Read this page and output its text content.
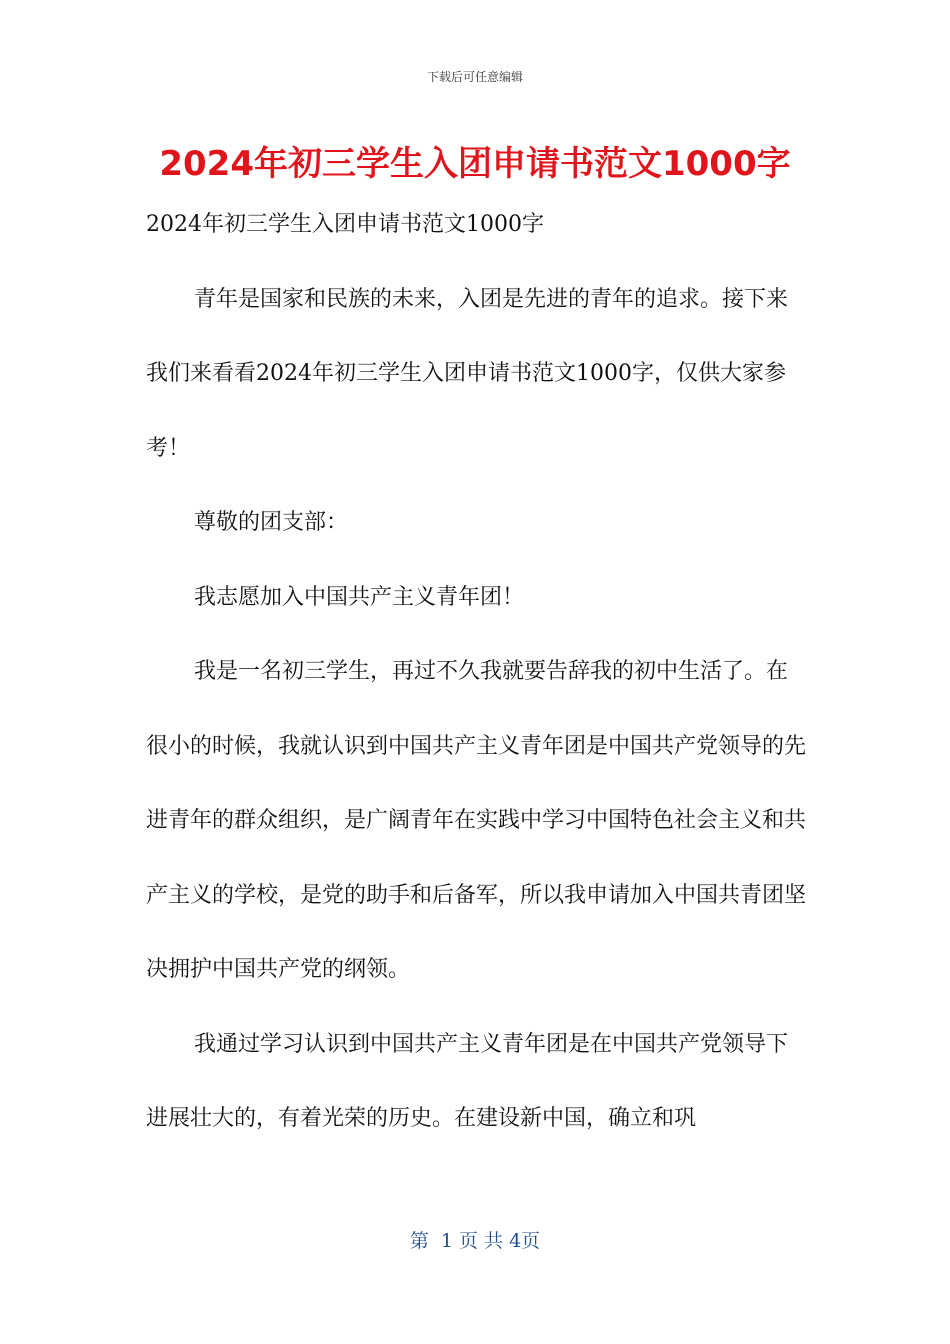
下载后可任意编辑
2024年初三学生入团申请书范文1000字

2024年初三学生入团申请书范文1000字

青年是国家和民族的未来，入团是先进的青年的追求。接下来我们来看看2024年初三学生入团申请书范文1000字，仅供大家参考！

尊敬的团支部：

我志愿加入中国共产主义青年团！

我是一名初三学生，再过不久我就要告辞我的初中生活了。在很小的时候，我就认识到中国共产主义青年团是中国共产党领导的先进青年的群众组织，是广阔青年在实践中学习中国特色社会主义和共产主义的学校，是党的助手和后备军，所以我申请加入中国共青团坚决拥护中国共产党的纲领。

我通过学习认识到中国共产主义青年团是在中国共产党领导下进展壮大的，有着光荣的历史。在建设新中国，确立和巩

第  1 页 共 4页
